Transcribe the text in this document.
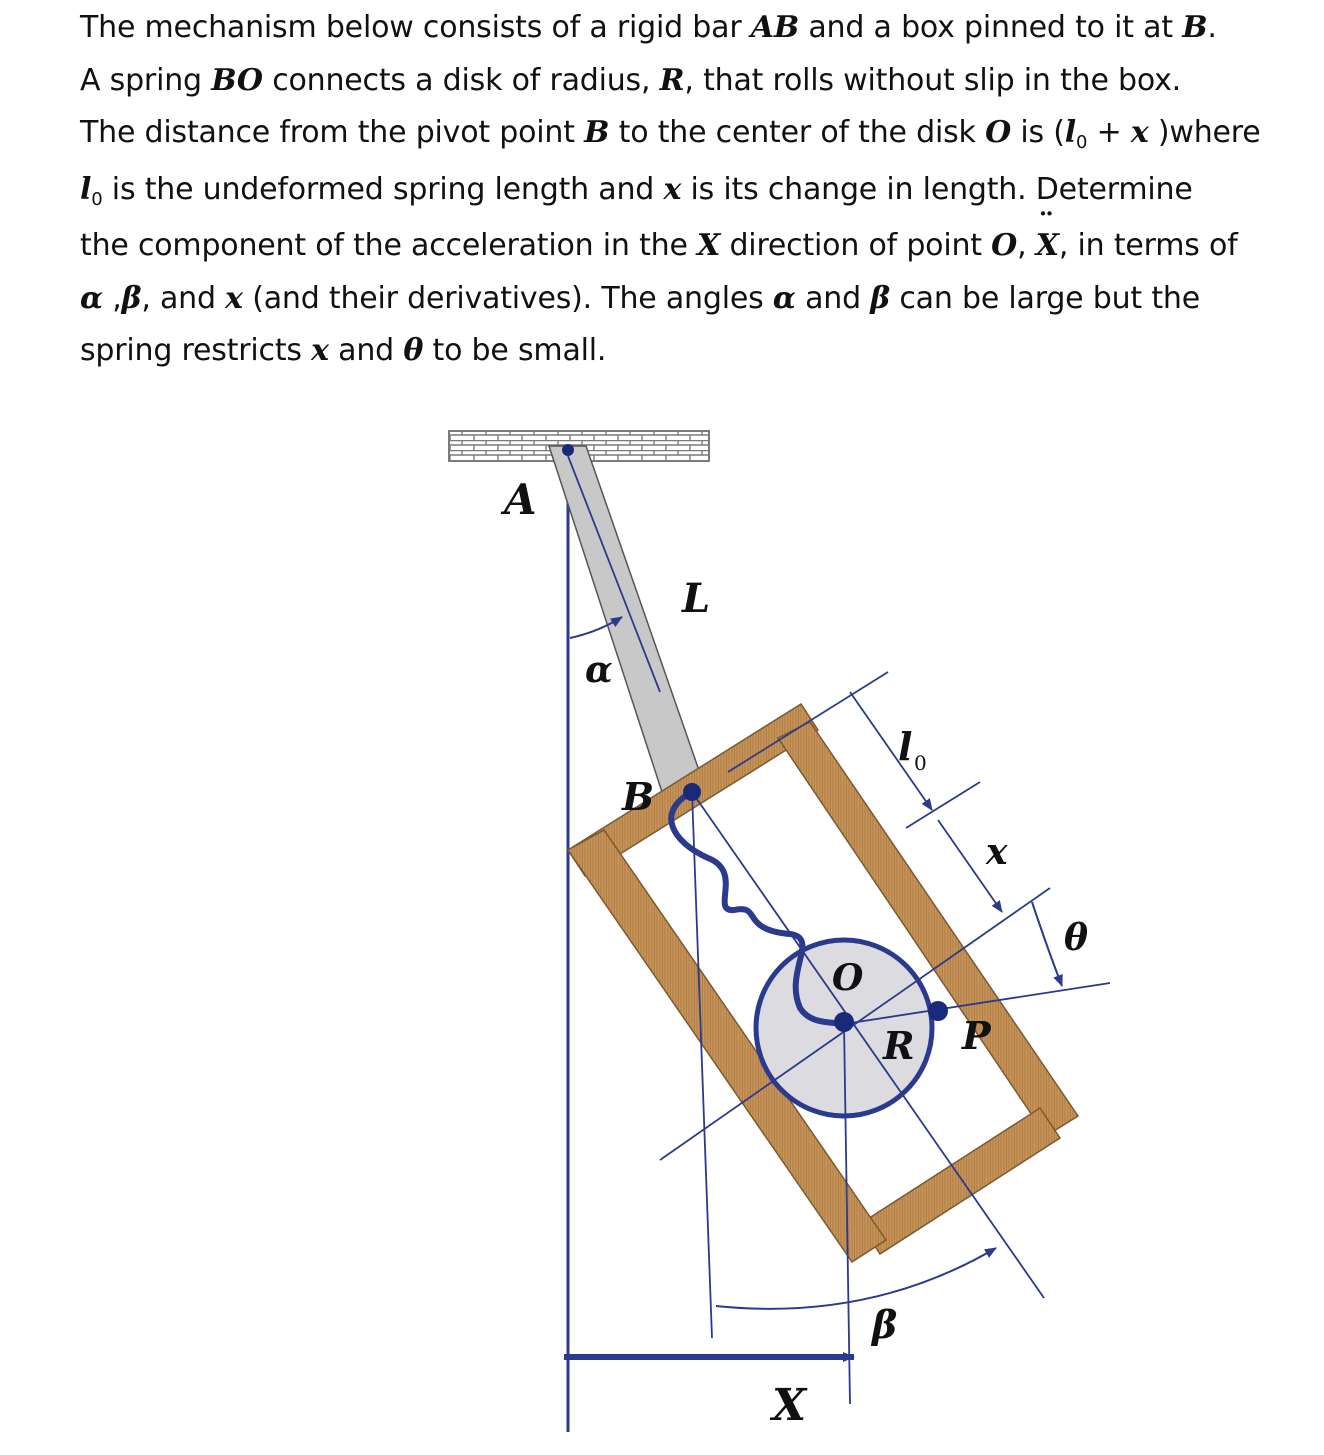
The mechanism below consists of a rigid bar AB and a box pinned to it at B.
A spring BO connects a disk of radius, R, that rolls without slip in the box.
The distance from the pivot point B to the center of the disk O is ($l_0 + x$ )where
$l_0$ is the undeformed spring length and x is its change in length. Determine
the component of the acceleration in the X direction of point O, ¨ X, in terms of
α ,β, and x (and their derivatives). The angles α and β can be large but the
spring restricts x and θ to be small.
A
L
α
B
l 0
x
θ
O
R P
β
X
